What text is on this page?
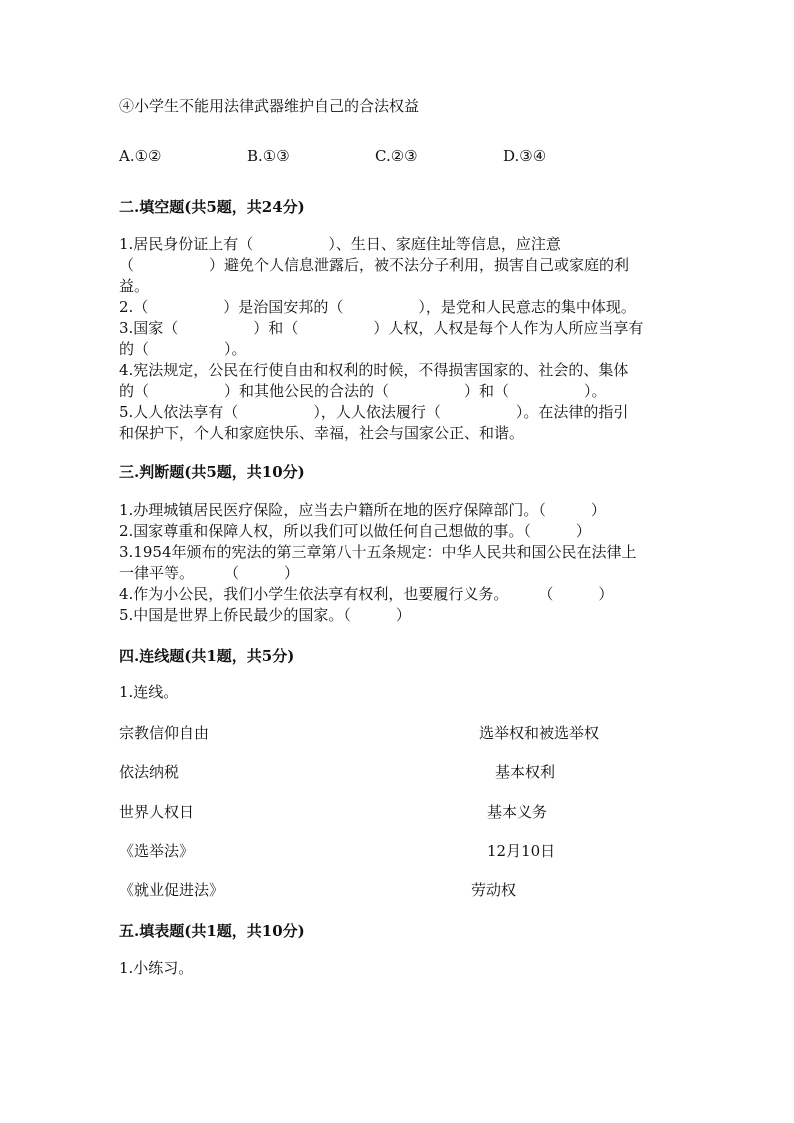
④小学生不能用法律武器维护自己的合法权益
A.①②	B.①③	C.②③	D.③④
二.填空题(共5题，共24分)

1.居民身份证上有（　　　　　）、生日、家庭住址等信息，应注意

（　　　　　）避免个人信息泄露后，被不法分子利用，损害自己或家庭的利

益。

2.（　　　　　）是治国安邦的（　　　　　），是党和人民意志的集中体现。

3.国家（　　　　　）和（　　　　　）人权，人权是每个人作为人所应当享有

的（　　　　　）。

4.宪法规定，公民在行使自由和权利的时候，不得损害国家的、社会的、集体

的（　　　　　）和其他公民的合法的（　　　　　）和（　　　　　）。

5.人人依法享有（　　　　　），人人依法履行（　　　　　）。在法律的指引

和保护下，个人和家庭快乐、幸福，社会与国家公正、和谐。

三.判断题(共5题，共10分)

1.办理城镇居民医疗保险，应当去户籍所在地的医疗保障部门。（　　　）

2.国家尊重和保障人权，所以我们可以做任何自己想做的事。（　　　）

3.1954年颁布的宪法的第三章第八十五条规定：中华人民共和国公民在法律上

一律平等。　　　（　　　）

4.作为小公民，我们小学生依法享有权利，也要履行义务。　　　（　　　）

5.中国是世界上侨民最少的国家。（　　　）

四.连线题(共1题，共5分)
1.连线。
宗教信仰自由
依法纳税
世界人权日
《选举法》
《就业促进法》
选举权和被选举权
基本权利
基本义务
12月10日
劳动权
五.填表题(共1题，共10分)
1.小练习。
